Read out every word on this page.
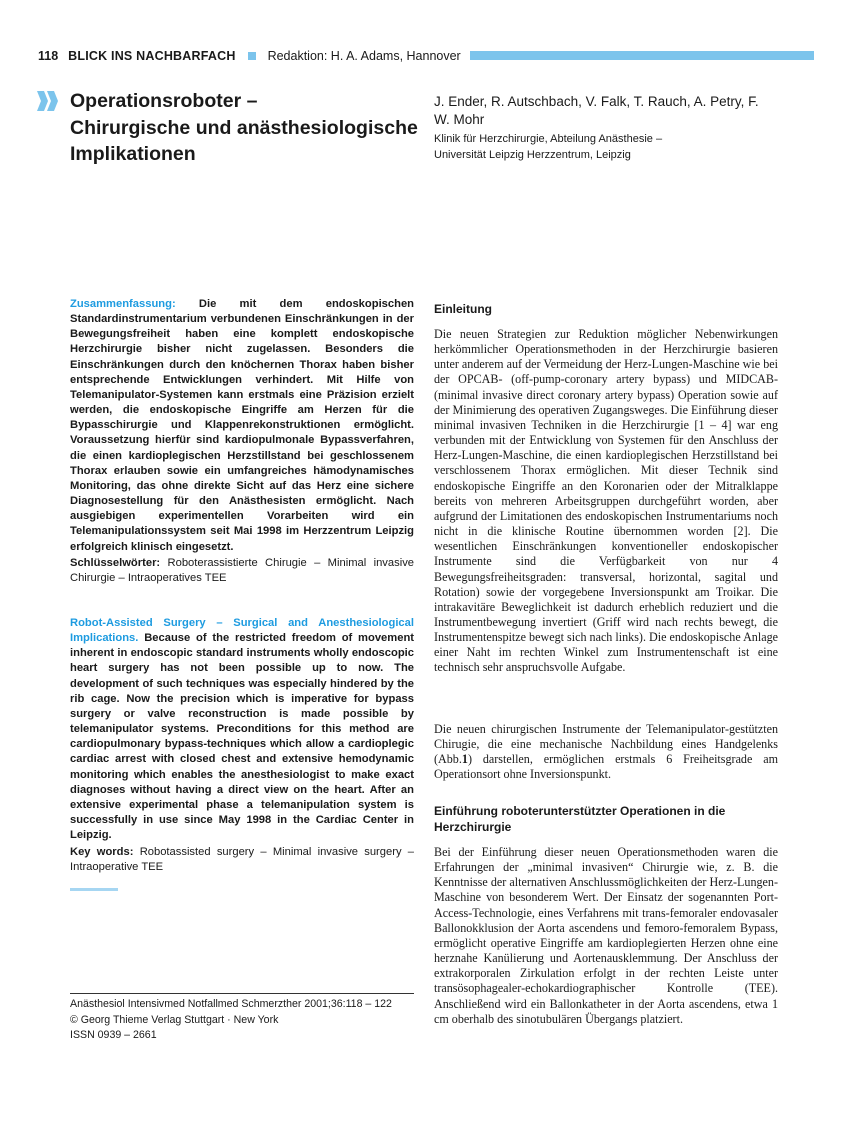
118 BLICK INS NACHBARFACH	Redaktion: H. A. Adams, Hannover
Operationsroboter –
Chirurgische und anästhesiologische
Implikationen
J. Ender, R. Autschbach, V. Falk, T. Rauch, A. Petry, F. W. Mohr
Klinik für Herzchirurgie, Abteilung Anästhesie –
Universität Leipzig Herzzentrum, Leipzig
Zusammenfassung: Die mit dem endoskopischen Standardinstrumentarium verbundenen Einschränkungen in der Bewegungsfreiheit haben eine komplett endoskopische Herzchirurgie bisher nicht zugelassen. Besonders die Einschränkungen durch den knöchernen Thorax haben bisher entsprechende Entwicklungen verhindert. Mit Hilfe von Telemanipulator-Systemen kann erstmals eine Präzision erzielt werden, die endoskopische Eingriffe am Herzen für die Bypasschirurgie und Klappenrekonstruktionen ermöglicht. Voraussetzung hierfür sind kardiopulmonale Bypassverfahren, die einen kardioplegischen Herzstillstand bei geschlossenem Thorax erlauben sowie ein umfangreiches hämodynamisches Monitoring, das ohne direkte Sicht auf das Herz eine sichere Diagnosestellung für den Anästhesisten ermöglicht. Nach ausgiebigen experimentellen Vorarbeiten wird ein Telemanipulationssystem seit Mai 1998 im Herzzentrum Leipzig erfolgreich klinisch eingesetzt.
Schlüsselwörter: Roboterassistierte Chirugie – Minimal invasive Chirurgie – Intraoperatives TEE
Robot-Assisted Surgery – Surgical and Anesthesiological Implications. Because of the restricted freedom of movement inherent in endoscopic standard instruments wholly endoscopic heart surgery has not been possible up to now. The development of such techniques was especially hindered by the rib cage. Now the precision which is imperative for bypass surgery or valve reconstruction is made possible by telemanipulator systems. Preconditions for this method are cardiopulmonary bypass-techniques which allow a cardioplegic cardiac arrest with closed chest and extensive hemodynamic monitoring which enables the anesthesiologist to make exact diagnoses without having a direct view on the heart. After an extensive experimental phase a telemanipulation system is successfully in use since May 1998 in the Cardiac Center in Leipzig.
Key words: Robotassisted surgery – Minimal invasive surgery – Intraoperative TEE
Anästhesiol Intensivmed Notfallmed Schmerzther 2001;36:118 – 122
© Georg Thieme Verlag Stuttgart · New York
ISSN 0939 – 2661
Einleitung
Die neuen Strategien zur Reduktion möglicher Nebenwirkungen herkömmlicher Operationsmethoden in der Herzchirurgie basieren unter anderem auf der Vermeidung der Herz-Lungen-Maschine wie bei der OPCAB- (off-pump-coronary artery bypass) und MIDCAB- (minimal invasive direct coronary artery bypass) Operation sowie auf der Minimierung des operativen Zugangsweges. Die Einführung dieser minimal invasiven Techniken in die Herzchirurgie [1 – 4] war eng verbunden mit der Entwicklung von Systemen für den Anschluss der Herz-Lungen-Maschine, die einen kardioplegischen Herzstillstand bei verschlossenem Thorax ermöglichen. Mit dieser Technik sind endoskopische Eingriffe an den Koronarien oder der Mitralklappe bereits von mehreren Arbeitsgruppen durchgeführt worden, aber aufgrund der Limitationen des endoskopischen Instrumentariums noch nicht in die klinische Routine übernommen worden [2]. Die wesentlichen Einschränkungen konventioneller endoskopischer Instrumente sind die Verfügbarkeit von nur 4 Bewegungsfreiheitsgraden: transversal, horizontal, sagital und Rotation) sowie der vorgegebene Inversionspunkt am Troikar. Die intrakavitäre Beweglichkeit ist dadurch erheblich reduziert und die Instrumentbewegung invertiert (Griff wird nach rechts bewegt, die Instrumentenspitze bewegt sich nach links). Die endoskopische Anlage einer Naht im rechten Winkel zum Instrumentenschaft ist eine technisch sehr anspruchsvolle Aufgabe.
Die neuen chirurgischen Instrumente der Telemanipulator-gestützten Chirugie, die eine mechanische Nachbildung eines Handgelenks (Abb.1) darstellen, ermöglichen erstmals 6 Freiheitsgrade am Operationsort ohne Inversionspunkt.
Einführung roboterunterstützter Operationen in die Herzchirurgie
Bei der Einführung dieser neuen Operationsmethoden waren die Erfahrungen der „minimal invasiven“ Chirurgie wie, z. B. die Kenntnisse der alternativen Anschlussmöglichkeiten der Herz-Lungen-Maschine von besonderem Wert. Der Einsatz der sogenannten Port-Access-Technologie, eines Verfahrens mit trans-femoraler endovasaler Ballonokklusion der Aorta ascendens und femoro-femoralem Bypass, ermöglicht operative Eingriffe am kardioplegierten Herzen ohne eine herznahe Kanülierung und Aortenausklemmung. Der Anschluss der extrakorporalen Zirkulation erfolgt in der rechten Leiste unter transösophagealer-echokardiographischer Kontrolle (TEE). Anschließend wird ein Ballonkatheter in der Aorta ascendens, etwa 1 cm oberhalb des sinotubulären Übergangs platziert.
